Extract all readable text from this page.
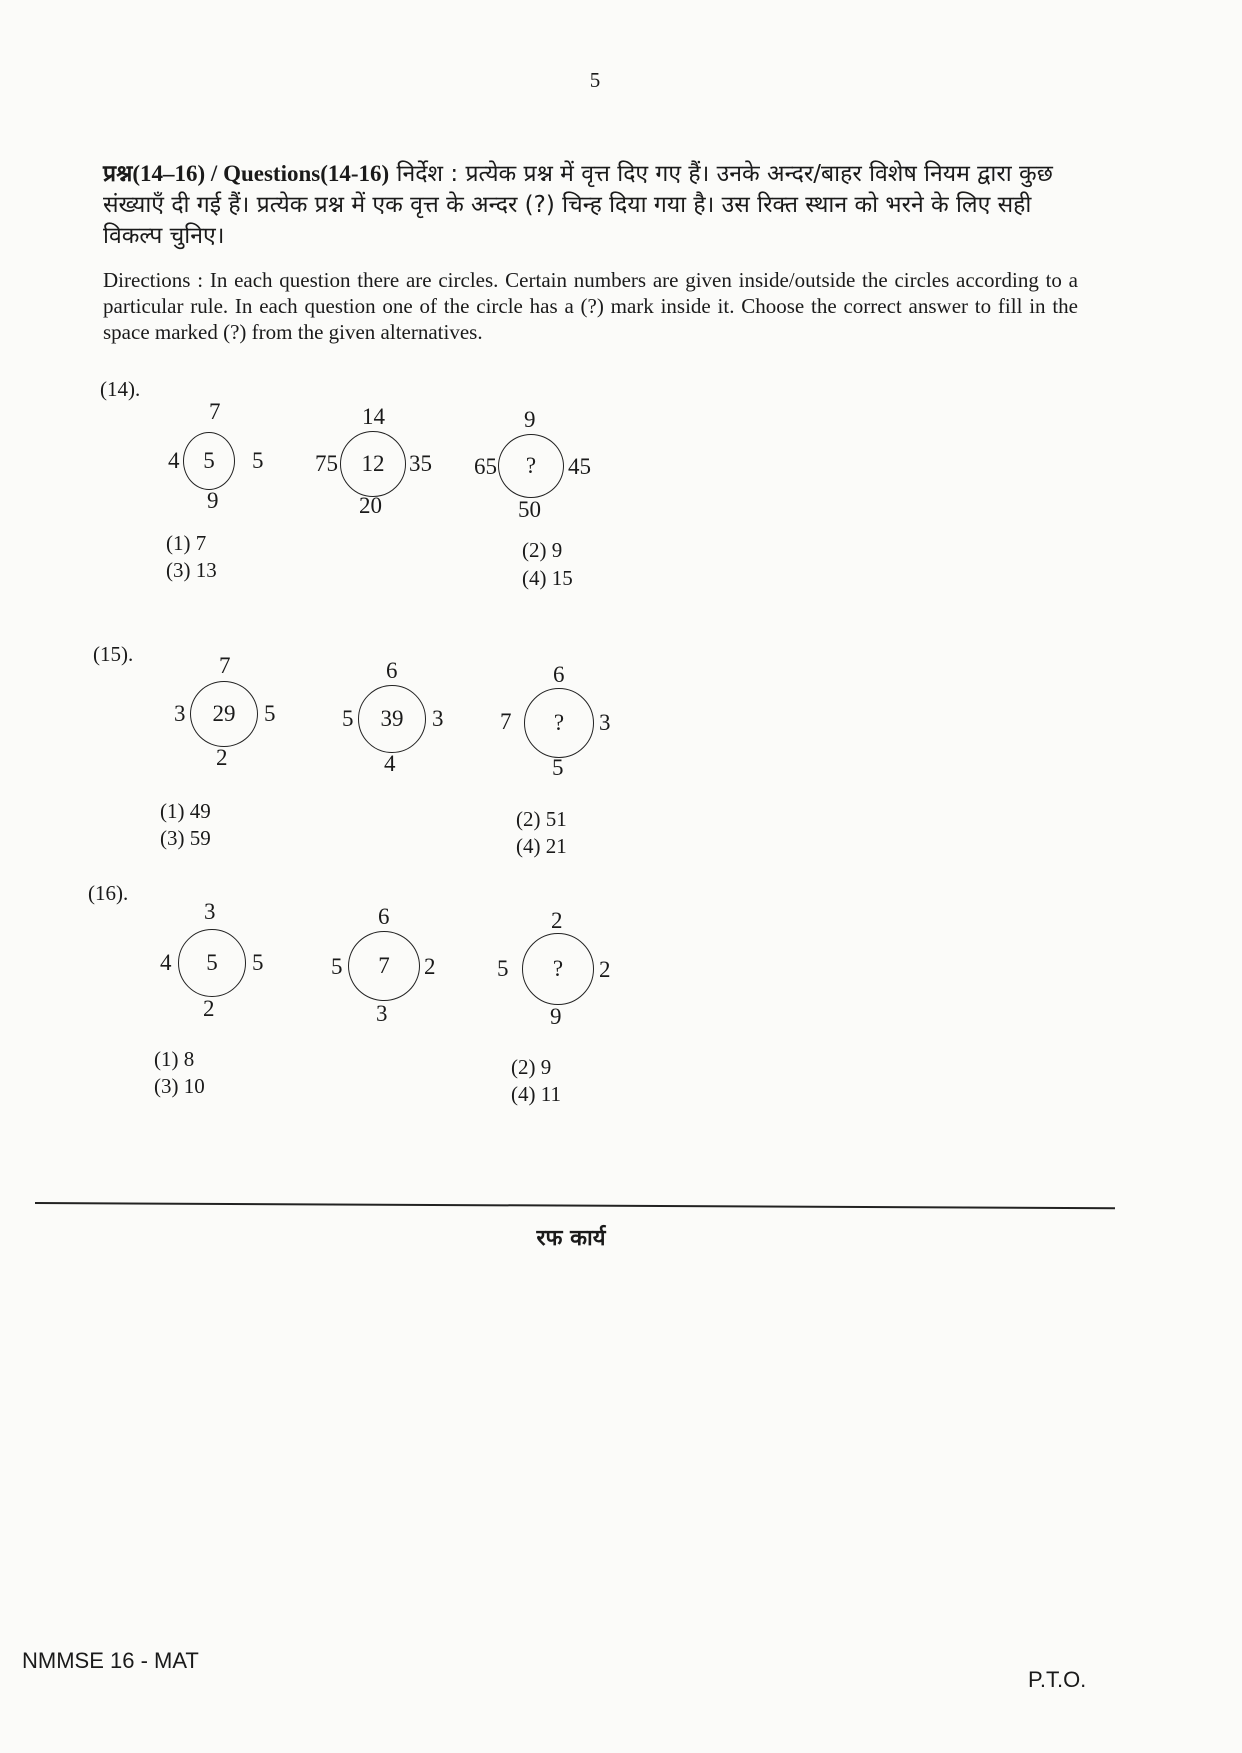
5
प्रश्न(14–16) / Questions(14-16) निर्देश : प्रत्येक प्रश्न में वृत्त दिए गए हैं। उनके अन्दर/बाहर विशेष नियम द्वारा कुछ संख्याएँ दी गई हैं। प्रत्येक प्रश्न में एक वृत्त के अन्दर (?) चिन्ह दिया गया है। उस रिक्त स्थान को भरने के लिए सही विकल्प चुनिए।
Directions : In each question there are circles. Certain numbers are given inside/outside the circles according to a particular rule. In each question one of the circle has a (?) mark inside it. Choose the correct answer to fill in the space marked (?) from the given alternatives.
(14).
7
4 5 5
9
14
75 12 35
20
9
65 ? 45
50
(1) 7
(3) 13
(2) 9
(4) 15
(15).	7
3 29 5
2
6
5 39 3
4
6
7 ? 3
5
(1) 49
(3) 59
(2) 51
(4) 21
(16).
3
4 5 5
2
6
5 7 2
3
2
5 ? 2
9
(1) 8
(3) 10
(2) 9
(4) 11
रफ कार्य
NMMSE 16 - MAT
P.T.O.
